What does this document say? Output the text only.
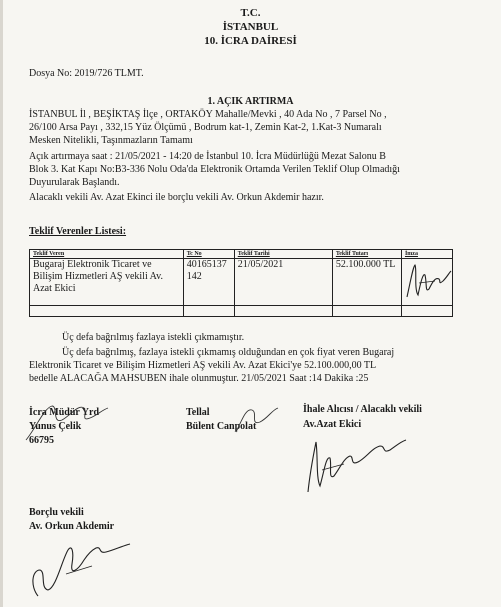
T.C.
İSTANBUL
10. İCRA DAİRESİ
Dosya No: 2019/726 TLMT.
1. AÇIK ARTIRMA
İSTANBUL İl , BEŞİKTAŞ İlçe , ORTAKÖY Mahalle/Mevki , 40 Ada No , 7 Parsel No ,
26/100 Arsa Payı , 332,15 Yüz Ölçümü , Bodrum kat-1, Zemin Kat-2, 1.Kat-3 Numaralı
Mesken Nitelikli, Taşınmazların Tamamı
Açık artırmaya saat : 21/05/2021 - 14:20 de İstanbul 10. İcra Müdürlüğü Mezat Salonu B
Blok 3. Kat Kapı No:B3-336 Nolu Oda'da Elektronik Ortamda Verilen Teklif Olup Olmadığı
Duyurularak Başlandı.
Alacaklı vekili Av. Azat Ekinci ile borçlu vekili Av. Orkun Akdemir hazır.
Teklif Verenler Listesi:
Teklif Veren	Tc No	Teklif Tarihi	Teklif Tutarı	İmza
Bugaraj Elektronik Ticaret ve Bilişim Hizmetleri AŞ vekili Av. Azat Ekici	40165137142	21/05/2021	52.100.000 TL	

Üç defa bağrılmış fazlaya istekli çıkmamıştır.
Üç defa bağrılmış, fazlaya istekli çıkmamış olduğundan en çok fiyat veren Bugaraj
Elektronik Ticaret ve Bilişim Hizmetleri AŞ vekili Av. Azat Ekici'ye 52.100.000,00 TL
bedelle ALACAĞA MAHSUBEN ihale olunmuştur. 21/05/2021 Saat :14 Dakika :25
İcra Müdür Yrd
Yunus Çelik
66795
Tellal
Bülent Canpolat
İhale Alıcısı / Alacaklı vekili
Av.Azat Ekici
Borçlu vekili
Av. Orkun Akdemir
